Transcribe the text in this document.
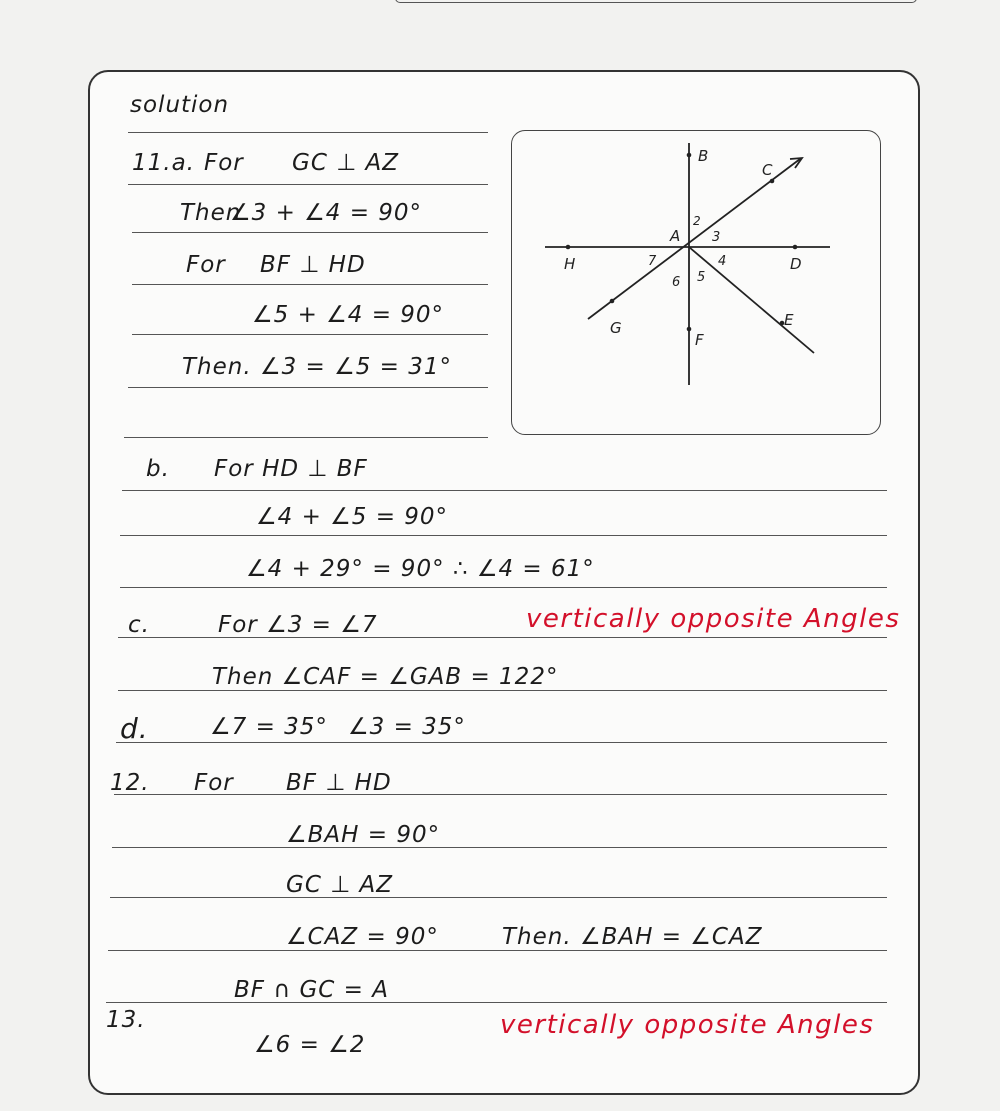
solution
11.a. For GC ⊥ AZ
Then
∠3 + ∠4 = 90°
For BF ⊥ HD
∠5 + ∠4 = 90°
Then. ∠3 = ∠5 = 31°
b. For HD ⊥ BF
∠4 + ∠5 = 90°
∠4 + 29° = 90° ∴ ∠4 = 61°
c.	For ∠3 = ∠7	vertically opposite Angles
Then ∠CAF = ∠GAB = 122°
d.	∠7 = 35° ∠3 = 35°
12. For BF ⊥ HD
∠BAH = 90°
GC ⊥ AZ
∠CAZ = 90°	Then. ∠BAH = ∠CAZ
13.
BF ∩ GC = A
∠6 = ∠2
vertically opposite Angles
B
C
A
H	D
G
F
E
2
3
4
5
6
7
